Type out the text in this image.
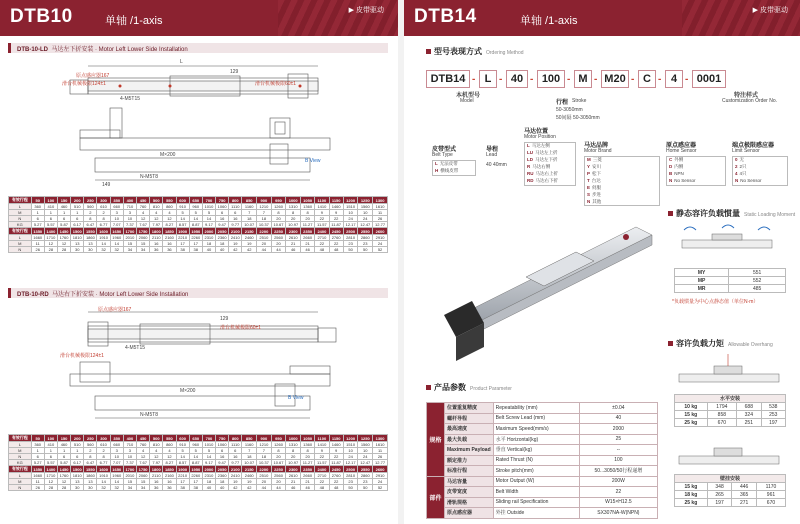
DTB10	单轴 /1-axis
▶ 皮带驱动
DTB-10-LD 马达左下折安装 · Motor Left Lower Side Installation
L
129
原点感应器167
滑台机械极限124±1	滑台机械极限60±1
4-M5T15
M×200
B View
N-M5T8
149
有效行程	50	100	150	200	250	300	350	400	450	500	550	600	650	700	750	800	850	900	950	1000	1050	1100	1150	1200	1250	1300
L	360	410	460	510	560	610	660	710	760	810	860	910	960	1010	1060	1110	1160	1210	1260	1310	1360	1410	1460	1510	1560	1610
M	1	1	1	1	2	2	3	3	4	4	4	5	5	5	6	6	7	7	8	8	8	9	9	10	10	11
N	6	6	6	6	8	8	10	10	12	12	12	14	14	14	16	16	18	18	20	20	20	22	22	24	24	26
KG	5.27	5.57	5.87	6.17	6.47	6.77	7.07	7.37	7.67	7.97	8.27	8.57	8.87	9.17	9.47	9.77	10.07	10.37	10.67	10.97	11.27	11.57	11.87	12.17	12.47	12.77
有效行程	1350	1400	1450	1500	1550	1600	1650	1700	1750	1800	1850	1900	1950	2000	2050	2100	2150	2200	2250	2300	2350	2400	2450	2500	2550	2600
L	1660	1710	1760	1810	1860	1910	1960	2010	2060	2110	2160	2210	2260	2310	2360	2410	2460	2510	2560	2610	2660	2710	2760	2810	2860	2910
M	11	12	12	13	13	14	14	15	15	16	16	17	17	18	18	19	19	20	20	21	21	22	22	23	23	24
N	26	28	28	30	30	32	32	34	34	36	36	38	38	40	40	42	42	44	44	46	46	48	48	50	50	52
DTB-10-RD 马达右下折安装 · Motor Left Lower Side Installation
原点感应器167
129
滑台机械极限124±1
滑台机械极限60±1
4-M5T15
M×200
B View
N-M5T8
有效行程	50	100	150	200	250	300	350	400	450	500	550	600	650	700	750	800	850	900	950	1000	1050	1100	1150	1200	1250	1300
L	360	410	460	510	560	610	660	710	760	810	860	910	960	1010	1060	1110	1160	1210	1260	1310	1360	1410	1460	1510	1560	1610
M	1	1	1	1	2	2	3	3	4	4	4	5	5	5	6	6	7	7	8	8	8	9	9	10	10	11
N	6	6	6	6	8	8	10	10	12	12	12	14	14	14	16	16	18	18	20	20	20	22	22	24	24	26
KG	5.27	5.57	5.87	6.17	6.47	6.77	7.07	7.37	7.67	7.97	8.27	8.57	8.87	9.17	9.47	9.77	10.07	10.37	10.67	10.97	11.27	11.57	11.87	12.17	12.47	12.77
有效行程	1350	1400	1450	1500	1550	1600	1650	1700	1750	1800	1850	1900	1950	2000	2050	2100	2150	2200	2250	2300	2350	2400	2450	2500	2550	2600
L	1660	1710	1760	1810	1860	1910	1960	2010	2060	2110	2160	2210	2260	2310	2360	2410	2460	2510	2560	2610	2660	2710	2760	2810	2860	2910
M	11	12	12	13	13	14	14	15	15	16	16	17	17	18	18	19	19	20	20	21	21	22	22	23	23	24
N	26	28	28	30	30	32	32	34	34	36	36	38	38	40	40	42	42	44	44	46	46	48	48	50	50	52
DTB14	单轴 /1-axis
▶ 皮带驱动
型号表现方式 Ordering Method
DTB14 - L - 40 - 100 - M - M20 - C - 4 - 0001
本机型号
Model
特注样式
Customization Order No.
行程 Stroke
50-3050mm
50间隔 50-3050mm
马达位置
Motor Position
马达品牌
Motor Brand
原点感应器
Home Sensor
端点极限感应器
Limit Sensor
皮带型式
Belt Type
导程
Lead
40 40mm
L 无法皮带
H 横线皮带
L 马达左侧
LU 马达左上折
LD 马达左下折
R 马达右侧
RU 马达右上折
RD 马达右下折
M 三菱
Y 安川
P 松下
T 台达
E 伺服
S 步进
N 其他
C 外侧
D 内侧
B NPN
N No Sensor
0 无
2 2只
4 4只
N No Sensor
静态容许负载惯量 Static Loading Moment
MY	551
MP	552
MR	485
*负载惯量为中心点静态值（单位N·m）
容许负载力矩 Allowable Overhang
水平安装			
10 kg	1794	688	538
15 kg	858	324	253
25 kg	670	251	197
壁挂安装			
15 kg	348	446	1170
18 kg	265	365	961
25 kg	197	271	670
产品参数 Product Parameter
规格	位置重复精度	Repeatability (mm)	±0.04
	螺杆导程	Belt Screw Lead (mm)	40
	最高速度	Maximum Speed(mm/s)	2000
	最大负载	水平 Horizontal(kg)	25
	Maximum Payload	垂直 Vertical(kg)	--
	额定推力	Rated Thrust (N)	100
	标准行程	Stroke pitch(mm)	50...3050/50行程递增
部件	马达容量	Motor Output (W)	200W
	皮带宽度	Belt Width	22
	滑轨规格	Sliding rail Specification	W15×H12.5
	原点感应器	外挂 Outside	SX307NA-W(NPN)
